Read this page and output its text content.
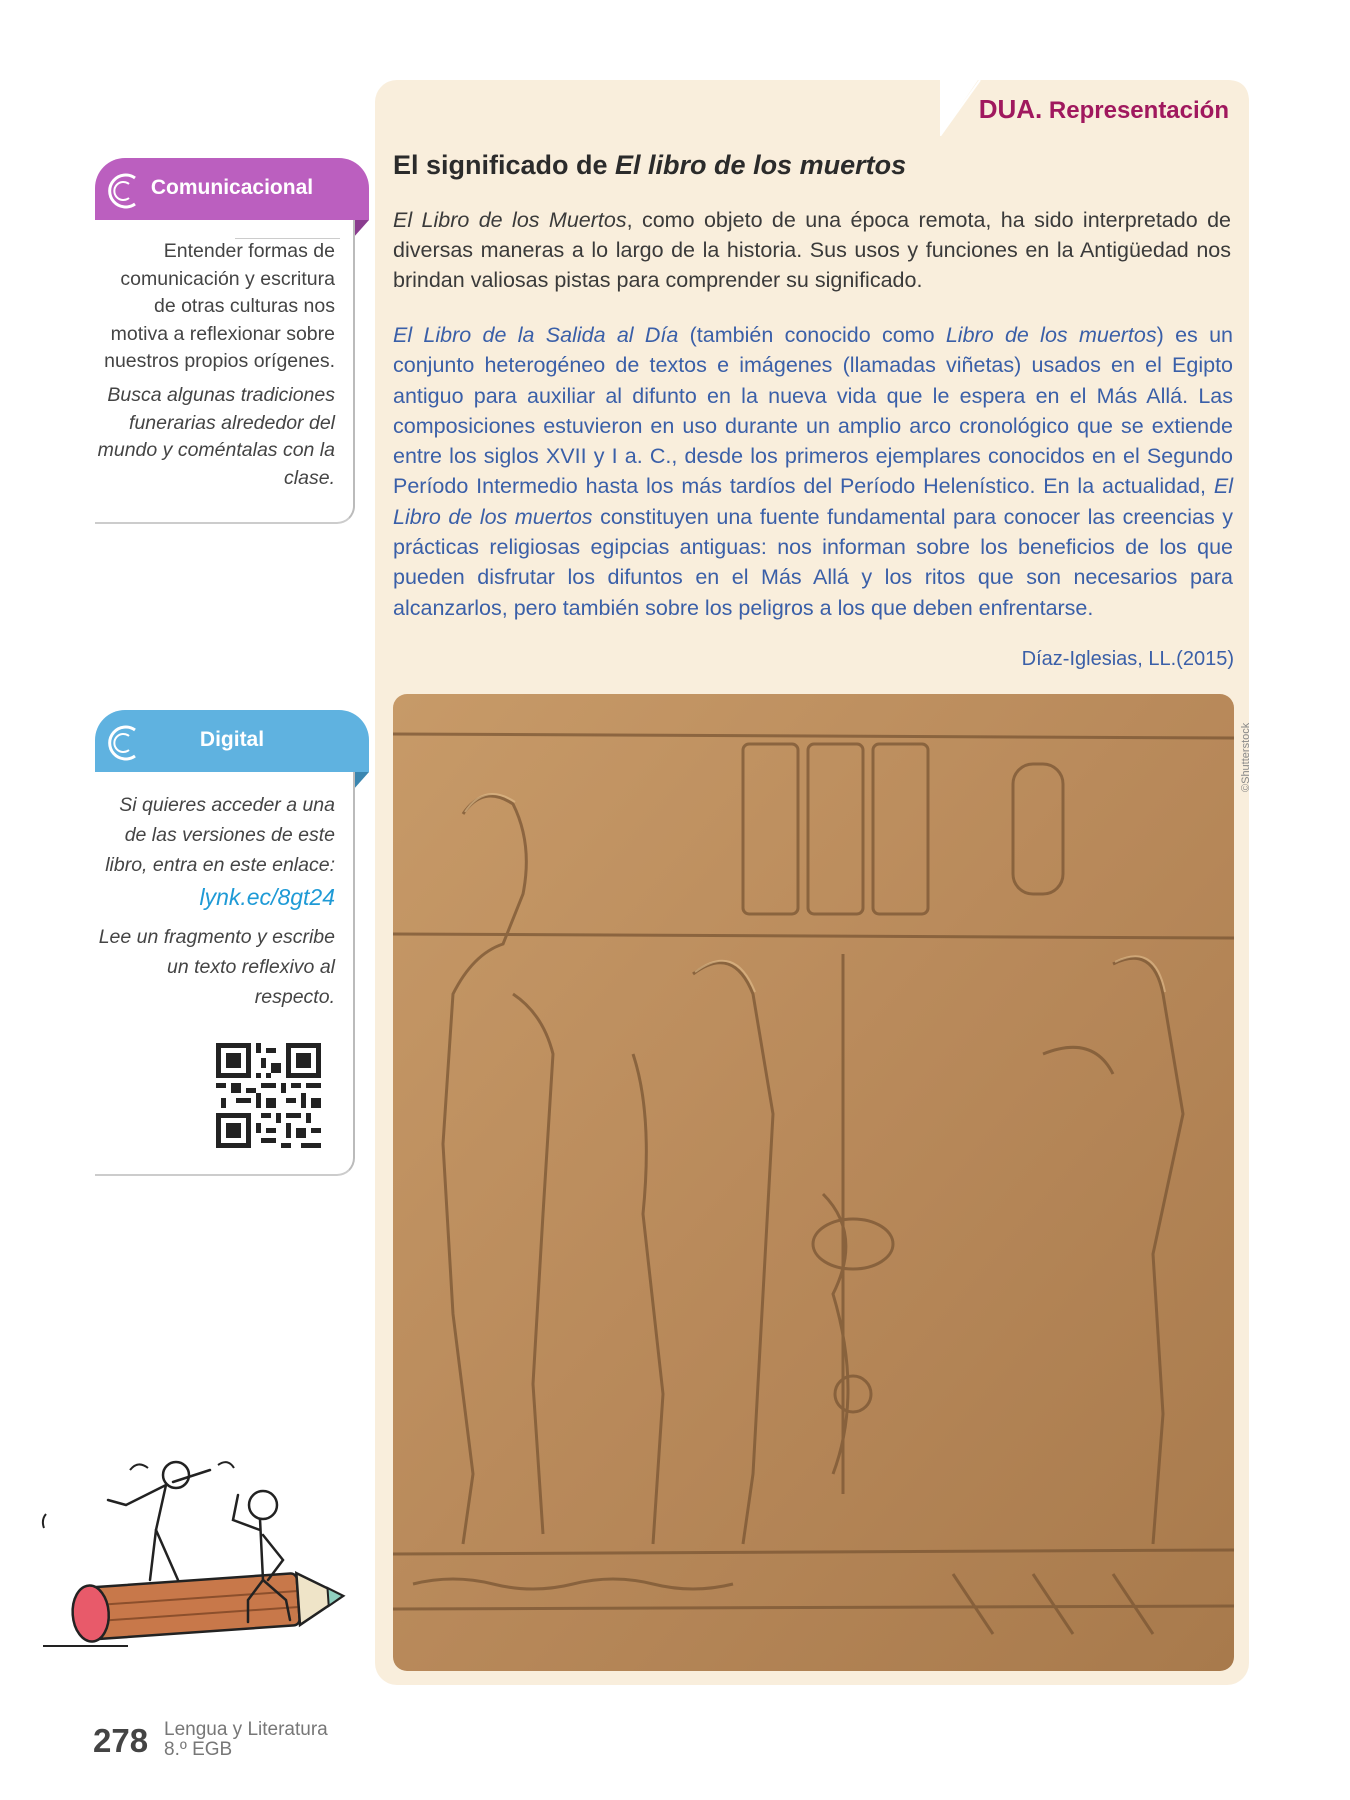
DUA. Representación
El significado de El libro de los muertos
El Libro de los Muertos, como objeto de una época remota, ha sido interpretado de diversas maneras a lo largo de la historia. Sus usos y funciones en la Antigüedad nos brindan valiosas pistas para comprender su significado.
El Libro de la Salida al Día (también conocido como Libro de los muertos) es un conjunto heterogéneo de textos e imágenes (llamadas viñetas) usados en el Egipto antiguo para auxiliar al difunto en la nueva vida que le espera en el Más Allá. Las composiciones estuvieron en uso durante un amplio arco cronológico que se extiende entre los siglos XVII y I a. C., desde los primeros ejemplares conocidos en el Segundo Período Intermedio hasta los más tardíos del Período Helenístico. En la actualidad, El Libro de los muertos constituyen una fuente fundamental para conocer las creencias y prácticas religiosas egipcias antiguas: nos informan sobre los beneficios de los que pueden disfrutar los difuntos en el Más Allá y los ritos que son necesarios para alcanzarlos, pero también sobre los peligros a los que deben enfrentarse.
Díaz-Iglesias, LL.(2015)
©Shutterstock
Comunicacional
Entender formas de comunicación y escritura de otras culturas nos motiva a reflexionar sobre nuestros propios orígenes.
Busca algunas tradiciones funerarias alrededor del mundo y coméntalas con la clase.
Digital
Si quieres acceder a una de las versiones de este libro, entra en este enlace:
lynk.ec/8gt24
Lee un fragmento y escribe un texto reflexivo al respecto.
278 Lengua y Literatura
8.º EGB
